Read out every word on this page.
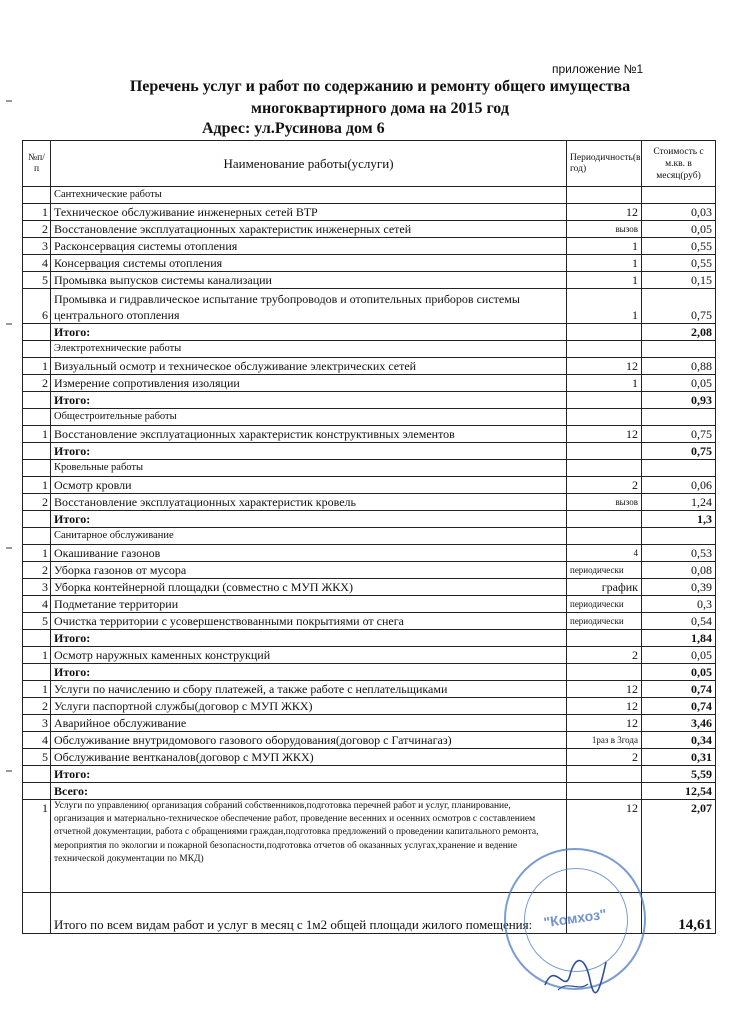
приложение №1
Перечень услуг и работ по содержанию и ремонту общего имущества
многоквартирного дома на 2015 год
Адрес: ул.Русинова дом 6
№п/п	Наименование работы(услуги)	Периодичность(в год)	Стоимость с м.кв. в месяц(руб)
	Сантехнические работы		
1	Техническое обслуживание инженерных сетей ВТР	12	0,03
2	Восстановление эксплуатационных характеристик инженерных сетей	вызов	0,05
3	Расконсервация системы отопления	1	0,55
4	Консервация системы отопления	1	0,55
5	Промывка выпусков системы канализации	1	0,15
6	Промывка и гидравлическое испытание трубопроводов и отопительных приборов системы центрального отопления	1	0,75
	Итого:		2,08
	Электротехнические работы		
1	Визуальный осмотр и техническое обслуживание электрических сетей	12	0,88
2	Измерение сопротивления изоляции	1	0,05
	Итого:		0,93
	Общестроительные работы		
1	Восстановление эксплуатационных характеристик конструктивных элементов	12	0,75
	Итого:		0,75
	Кровельные работы		
1	Осмотр кровли	2	0,06
2	Восстановление эксплуатационных характеристик кровель	вызов	1,24
	Итого:		1,3
	Санитарное обслуживание		
1	Окашивание газонов	4	0,53
2	Уборка газонов от мусора	периодически	0,08
3	Уборка контейнерной площадки (совместно с МУП ЖКХ)	график	0,39
4	Подметание территории	периодически	0,3
5	Очистка территории с усовершенствованными покрытиями от снега	периодически	0,54
	Итого:		1,84
1	Осмотр наружных каменных конструкций	2	0,05
	Итого:		0,05
1	Услуги по начислению и сбору платежей, а также работе с неплательщиками	12	0,74
2	Услуги паспортной службы(договор с МУП ЖКХ)	12	0,74
3	Аварийное обслуживание	12	3,46
4	Обслуживание внутридомового газового оборудования(договор с Гатчинагаз)	1раз в 3года	0,34
5	Обслуживание вентканалов(договор с МУП ЖКХ)	2	0,31
	Итого:		5,59
	Всего:		12,54
1	Услуги по управлению( организация собраний собственников,подготовка перечней работ и услуг, планирование, организация и материально-техническое обеспечение работ, проведение весенних и осенних осмотров с составлением отчетной документации, работа с обращениями граждан,подготовка предложений о проведении капитального ремонта, мероприятия по экологии и пожарной безопасности,подготовка отчетов об оказанных услугах,хранение и ведение технической документации по МКД)	12	2,07
	Итого по всем видам работ и услуг в месяц с 1м2 общей площади жилого помещения:		14,61
"Комхоз"
